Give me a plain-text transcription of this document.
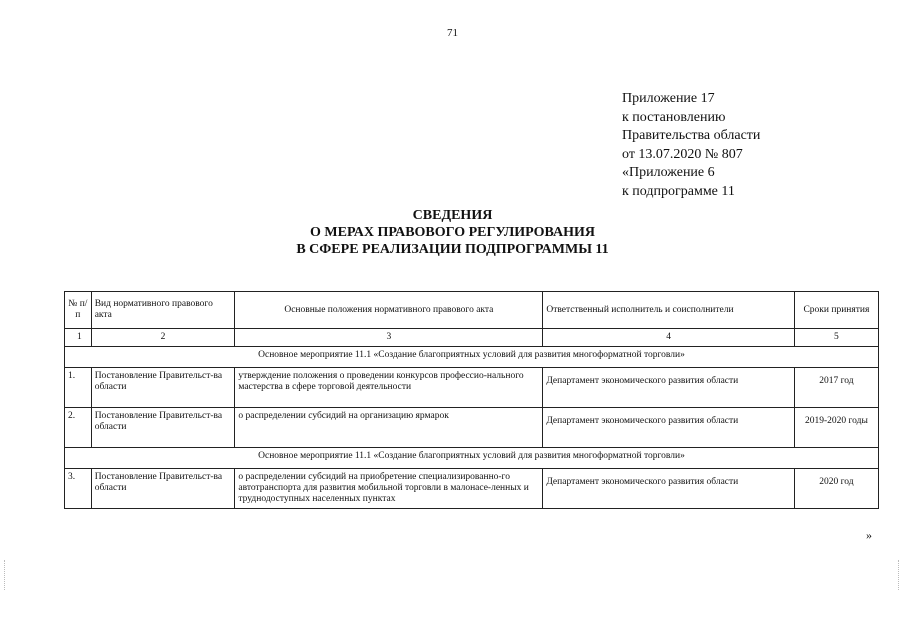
71
Приложение 17
к постановлению
Правительства области
от 13.07.2020 № 807
«Приложение 6
к подпрограмме 11
СВЕДЕНИЯ
О МЕРАХ ПРАВОВОГО РЕГУЛИРОВАНИЯ
В СФЕРЕ РЕАЛИЗАЦИИ ПОДПРОГРАММЫ 11
№ п/п	Вид нормативного правового акта	Основные положения нормативного правового акта	Ответственный исполнитель и соисполнители	Сроки принятия
1	2	3	4	5
Основное мероприятие 11.1 «Создание благоприятных условий для развития многоформатной торговли»				
1.	Постановление Правительст-ва области	утверждение положения о проведении конкурсов профессио-нального мастерства в сфере торговой деятельности	Департамент экономического развития области	2017 год
2.	Постановление Правительст-ва области	о распределении субсидий на организацию ярмарок	Департамент экономического развития области	2019-2020 годы
Основное мероприятие 11.1 «Создание благоприятных условий для развития многоформатной торговли»				
3.	Постановление Правительст-ва области	о распределении субсидий на приобретение специализированно-го автотранспорта для развития мобильной торговли в малонасе-ленных и труднодоступных населенных пунктах	Департамент экономического развития области	2020 год
»
